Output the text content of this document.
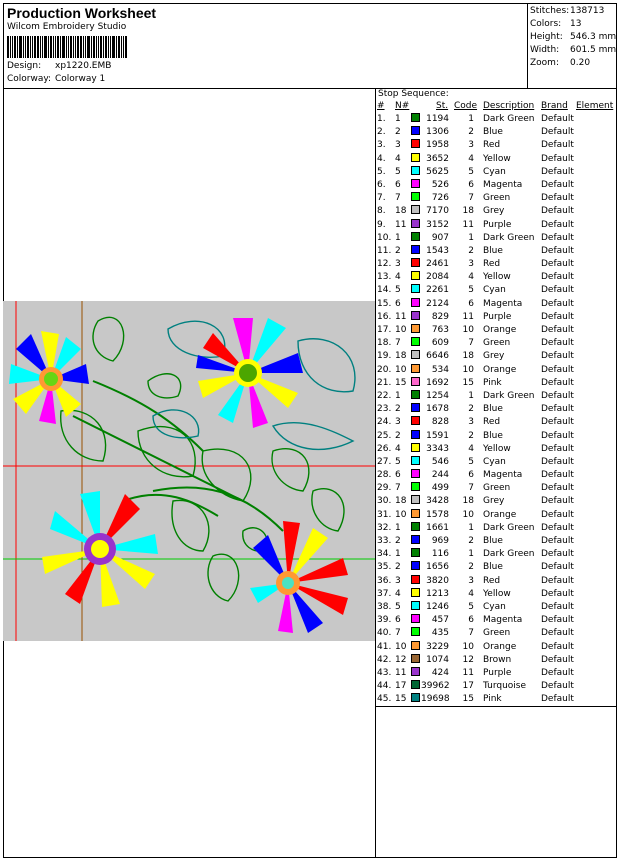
Production Worksheet
Wilcom Embroidery Studio
Design: xp1220.EMB
Colorway: Colorway 1
Stitches: 138713
Colors: 13
Height: 546.3 mm
Width:	601.5 mm
Zoom:	0.20
Stop Sequence:
# N#	St. Code Description Brand Element
1. 1	1194	1 Dark Green Default
2. 2	1306	2 Blue	Default
3. 3	1958	3 Red	Default
4. 4	3652	4 Yellow	Default
5. 5	5625	5 Cyan	Default
6. 6	526	6 Magenta Default
7. 7	726	7 Green	Default
8. 18	7170	18 Grey	Default
9. 11	3152	11 Purple	Default
10. 1	907	1 Dark Green Default
11. 2	1543	2 Blue	Default
12. 3	2461	3 Red	Default
13. 4	2084	4 Yellow	Default
14. 5	2261	5 Cyan	Default
15. 6	2124	6 Magenta Default
16. 11	829	11 Purple	Default
17. 10	763	10 Orange	Default
18. 7	609	7 Green	Default
19. 18	6646	18 Grey	Default
20. 10	534	10 Orange	Default
21. 15	1692	15 Pink	Default
22. 1	1254	1 Dark Green Default
23. 2	1678	2 Blue	Default
24. 3	828	3 Red	Default
25. 2	1591	2 Blue	Default
26. 4	3343	4 Yellow	Default
27. 5	546	5 Cyan	Default
28. 6	244	6 Magenta Default
29. 7	499	7 Green	Default
30. 18	3428	18 Grey	Default
31. 10	1578	10 Orange	Default
32. 1	1661	1 Dark Green Default
33. 2	969	2 Blue	Default
34. 1	116	1 Dark Green Default
35. 2	1656	2 Blue	Default
36. 3	3820	3 Red	Default
37. 4	1213	4 Yellow	Default
38. 5	1246	5 Cyan	Default
39. 6	457	6 Magenta Default
40. 7	435	7 Green	Default
41. 10	3229	10 Orange	Default
42. 12	1074	12 Brown	Default
43. 11	424	11 Purple	Default
44. 17 39962	17 Turquoise Default
45. 15 19698	15 Pink	Default
